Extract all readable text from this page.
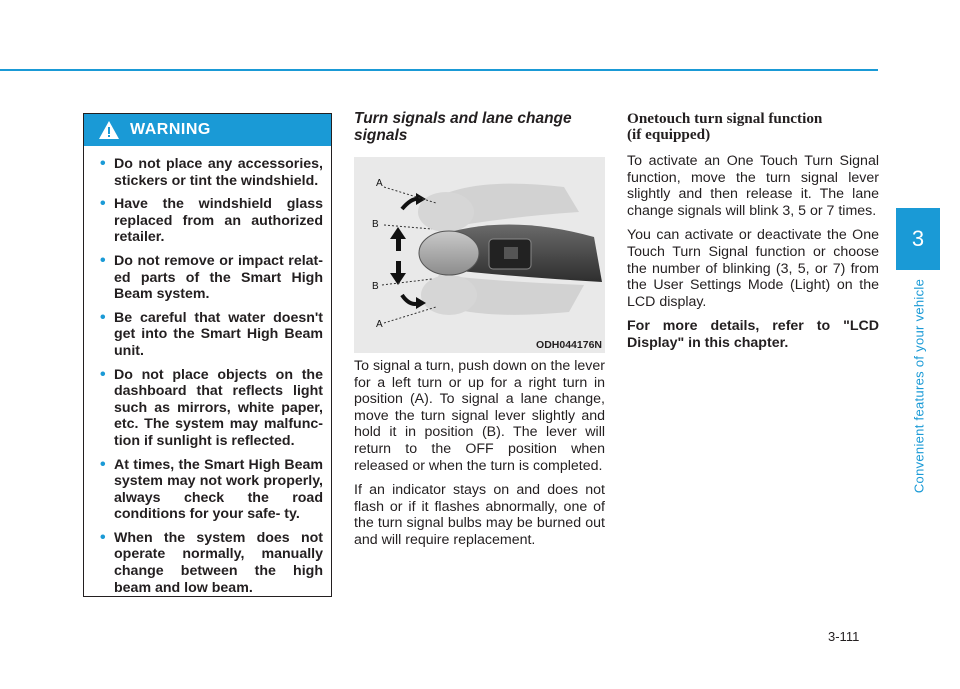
WARNING
• Do not place any accessories, stickers or tint the windshield.
• Have the windshield glass replaced from an authorized retailer.
• Do not remove or impact relat- ed parts of the Smart High Beam system.
• Be careful that water doesn't get into the Smart High Beam unit.
• Do not place objects on the dashboard that reflects light such as mirrors, white paper, etc. The system may malfunc- tion if sunlight is reflected.
• At times, the Smart High Beam system may not work properly, always check the road conditions for your safe- ty.
• When the system does not operate normally, manually change between the high beam and low beam.

Turn signals and lane change signals

A
B
B
A
ODH044176N

To signal a turn, push down on the lever for a left turn or up for a right turn in position (A). To signal a lane change, move the turn signal lever slightly and hold it in position (B). The lever will return to the OFF position when released or when the turn is completed.

If an indicator stays on and does not flash or if it flashes abnormally, one of the turn signal bulbs may be burned out and will require replacement.

Onetouch turn signal function
(if equipped)

To activate an One Touch Turn Signal function, move the turn signal lever slightly and then release it. The lane change signals will blink 3, 5 or 7 times.

You can activate or deactivate the One Touch Turn Signal function or choose the number of blinking (3, 5, or 7) from the User Settings Mode (Light) on the LCD display.

For more details, refer to "LCD Display" in this chapter.

3
Convenient features of your vehicle
3-111
